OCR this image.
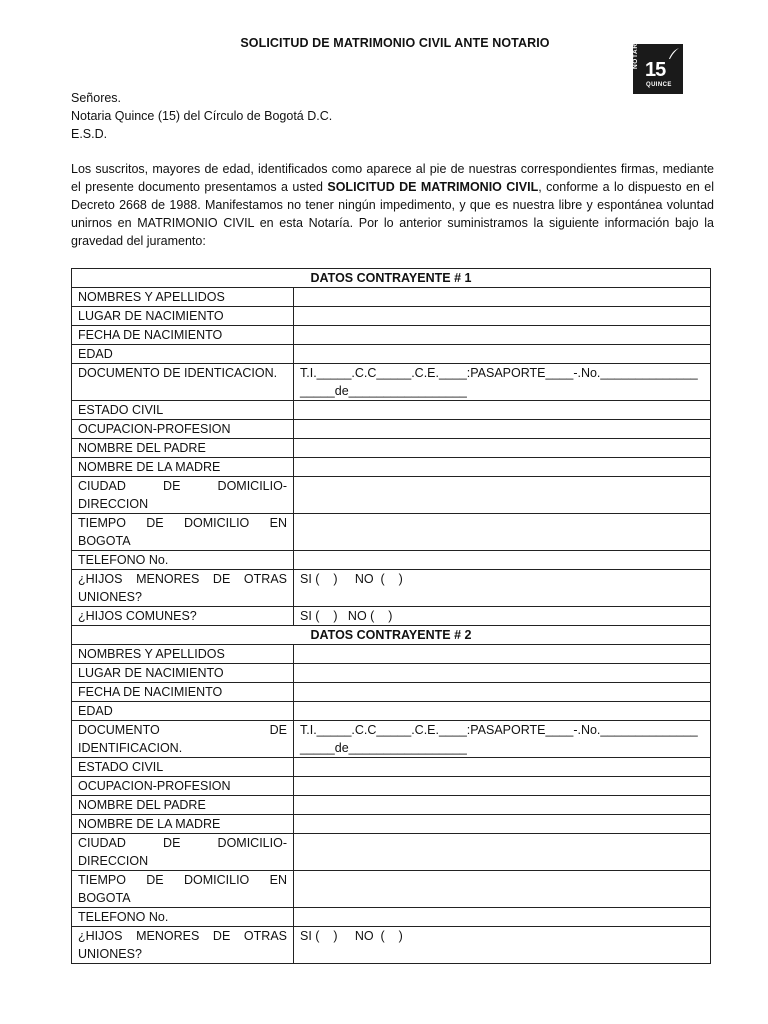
SOLICITUD DE MATRIMONIO CIVIL ANTE NOTARIO	NOTARIA
15
QUINCE
Señores.
Notaria Quince (15) del Círculo de Bogotá D.C.
E.S.D.
Los suscritos, mayores de edad, identificados como aparece al pie de nuestras correspondientes firmas, mediante el presente documento presentamos a usted SOLICITUD DE MATRIMONIO CIVIL, conforme a lo dispuesto en el Decreto 2668 de 1988. Manifestamos no tener ningún impedimento, y que es nuestra libre y espontánea voluntad unirnos en MATRIMONIO CIVIL en esta Notaría. Por lo anterior suministramos la siguiente información bajo la gravedad del juramento:
DATOS CONTRAYENTE # 1	
NOMBRES Y APELLIDOS	
LUGAR DE NACIMIENTO	
FECHA DE NACIMIENTO	
EDAD	
DOCUMENTO DE IDENTICACION.	T.I._____.C.C_____.C.E.____:PASAPORTE____-.No.______________ _____de_________________
ESTADO CIVIL	
OCUPACION-PROFESION	
NOMBRE DEL PADRE	
NOMBRE DE LA MADRE	
CIUDAD DE DOMICILIO-DIRECCION	
TIEMPO DE DOMICILIO EN BOGOTA	
TELEFONO No.	
¿HIJOS MENORES DE OTRAS UNIONES?	SI (    )     NO  (    )
¿HIJOS COMUNES?	SI (    )   NO (    )
DATOS CONTRAYENTE # 2	
NOMBRES Y APELLIDOS	
LUGAR DE NACIMIENTO	
FECHA DE NACIMIENTO	
EDAD	
DOCUMENTO DE IDENTIFICACION.	T.I._____.C.C_____.C.E.____:PASAPORTE____-.No.______________ _____de_________________
ESTADO CIVIL	
OCUPACION-PROFESION	
NOMBRE DEL PADRE	
NOMBRE DE LA MADRE	
CIUDAD DE DOMICILIO-DIRECCION	
TIEMPO DE DOMICILIO EN BOGOTA	
TELEFONO No.	
¿HIJOS MENORES DE OTRAS UNIONES?	SI (    )     NO  (    )
